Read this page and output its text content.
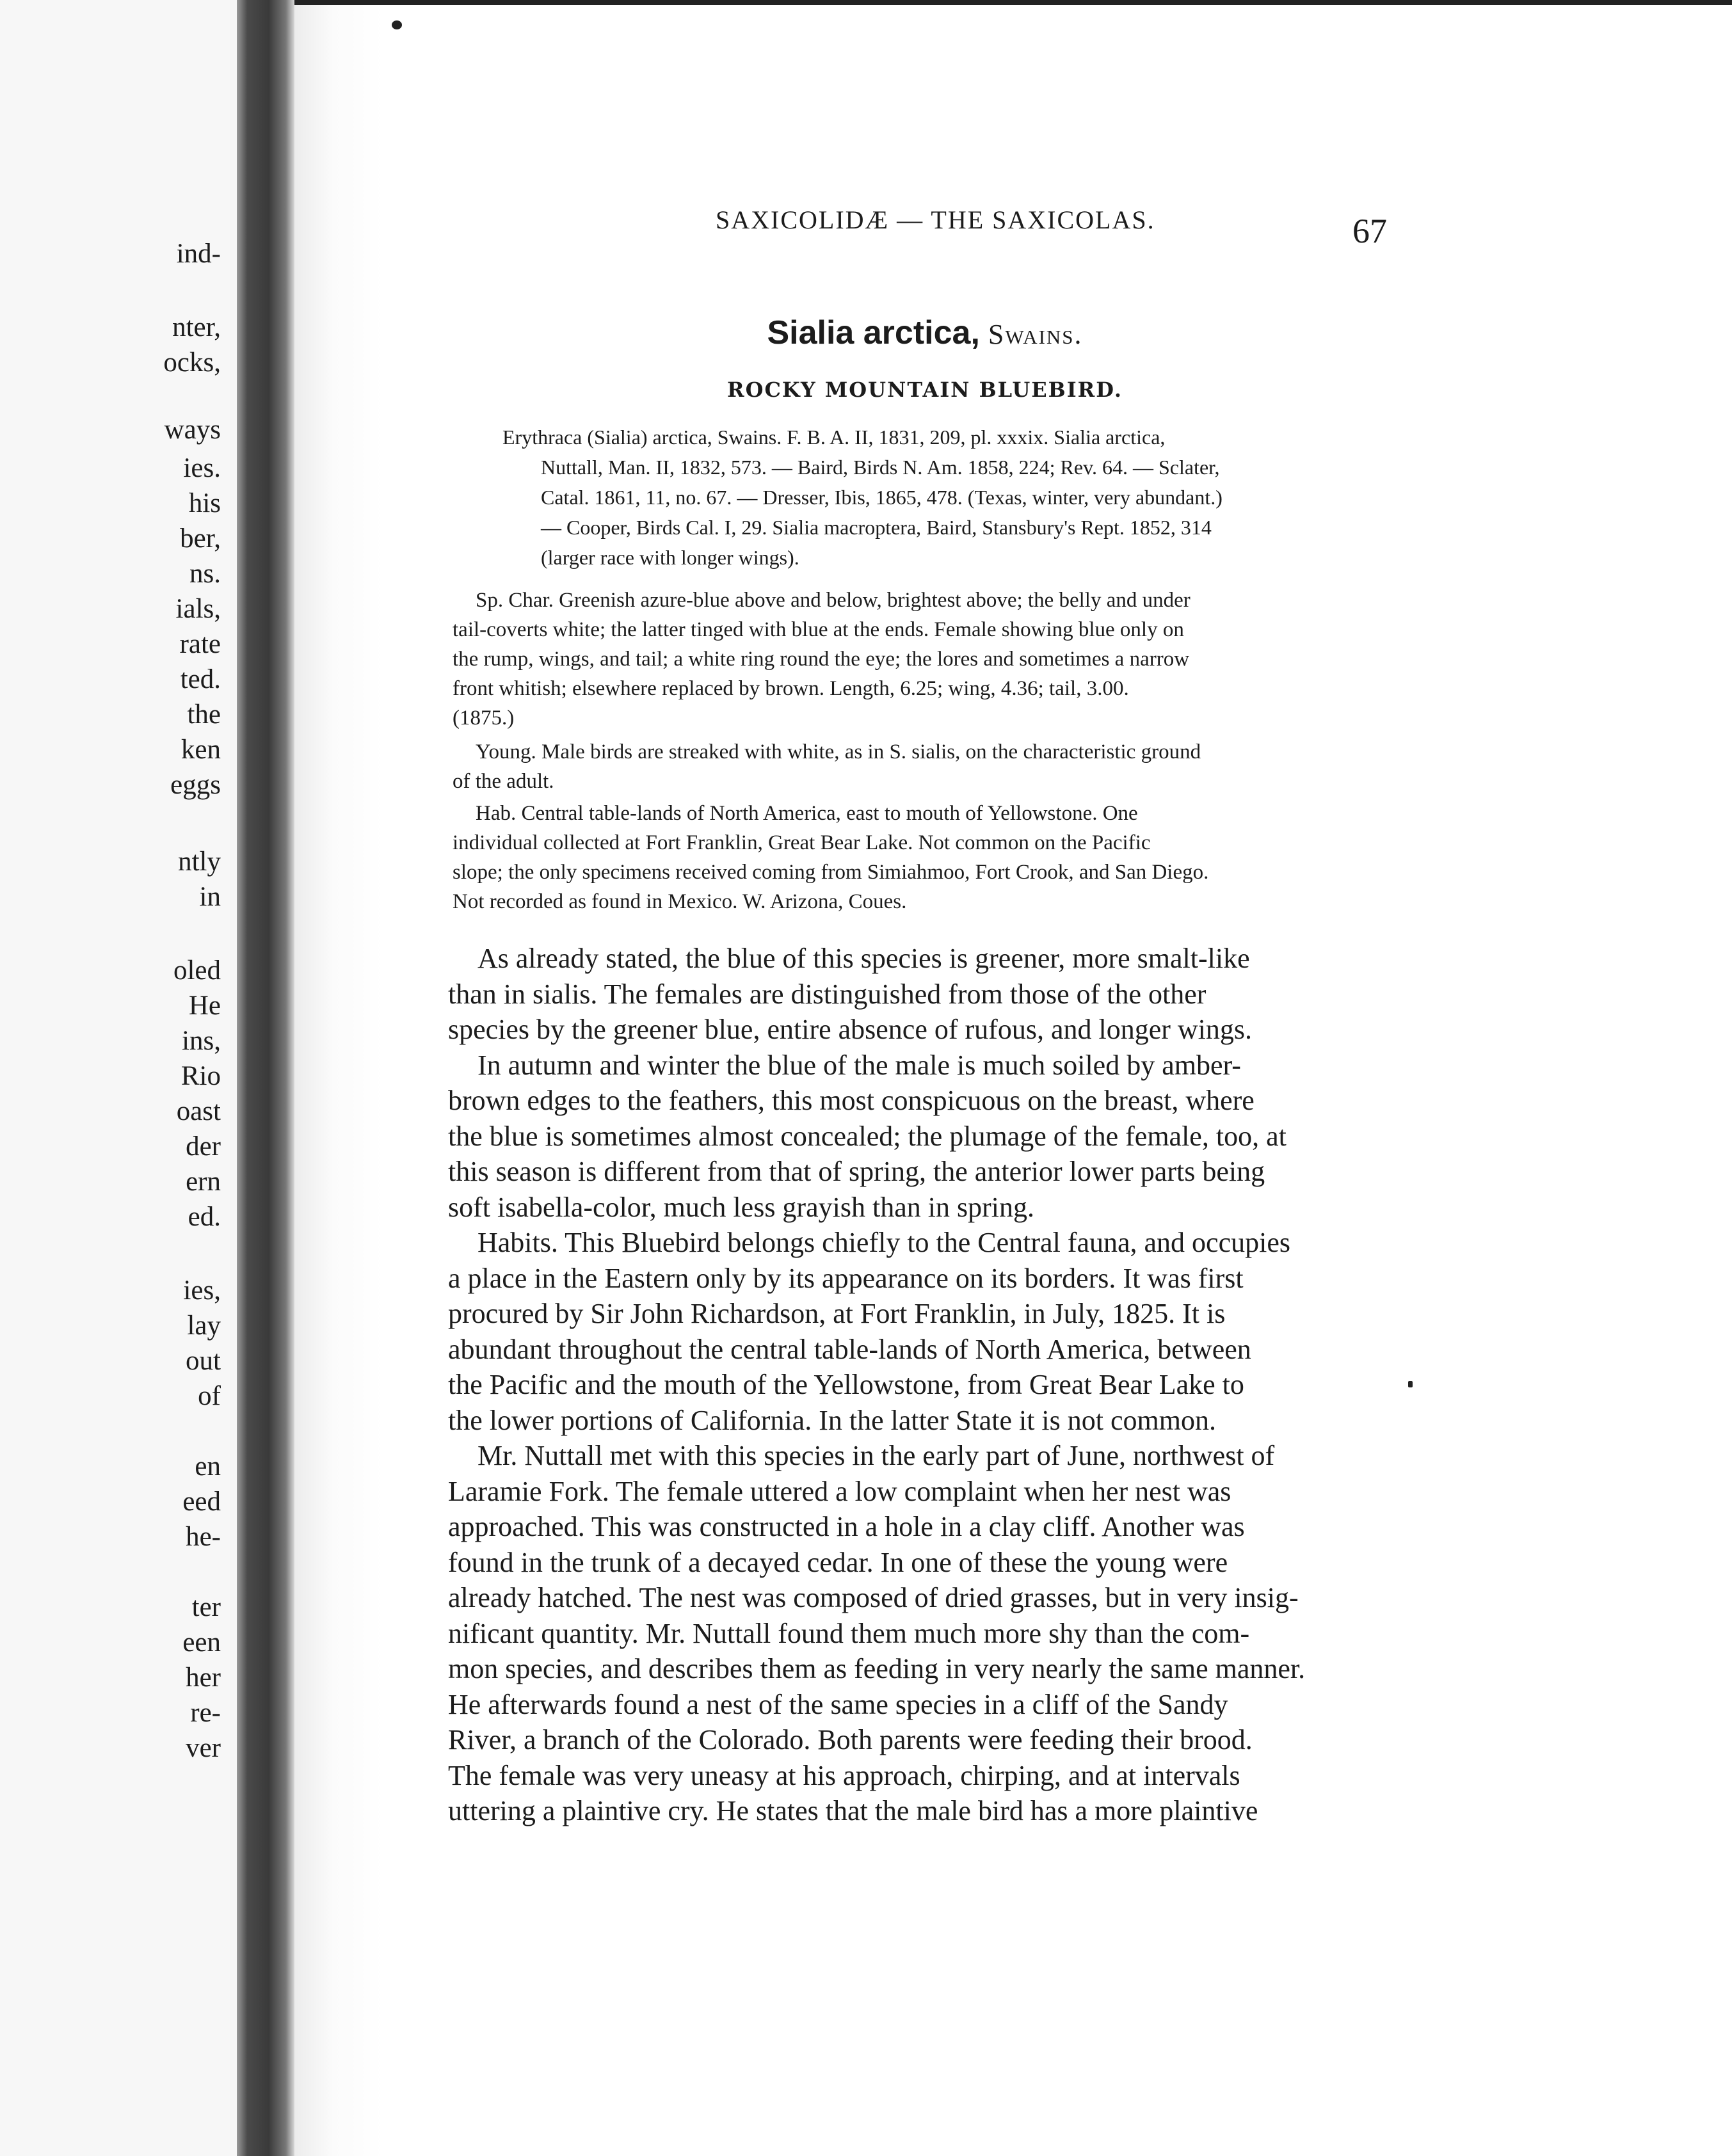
ind-
nter,
ocks,
ways
ies.
his
ber,
ns.
ials,
rate
ted.
the
ken
eggs
ntly
in
oled
He
ins,
Rio
oast
der
ern
ed.
ies,
lay
out
of
en
eed
he-
ter
een
her
re-
ver
SAXICOLIDÆ — THE SAXICOLAS.	67
Sialia arctica, Swains.
ROCKY MOUNTAIN BLUEBIRD.
Erythraca (Sialia) arctica, Swains. F. B. A. II, 1831, 209, pl. xxxix. Sialia arctica,
Nuttall, Man. II, 1832, 573. — Baird, Birds N. Am. 1858, 224; Rev. 64. — Sclater,
Catal. 1861, 11, no. 67. — Dresser, Ibis, 1865, 478. (Texas, winter, very abundant.)
— Cooper, Birds Cal. I, 29. Sialia macroptera, Baird, Stansbury's Rept. 1852, 314
(larger race with longer wings).
Sp. Char. Greenish azure-blue above and below, brightest above; the belly and under
tail-coverts white; the latter tinged with blue at the ends. Female showing blue only on
the rump, wings, and tail; a white ring round the eye; the lores and sometimes a narrow
front whitish; elsewhere replaced by brown. Length, 6.25; wing, 4.36; tail, 3.00.
(1875.)
Young. Male birds are streaked with white, as in S. sialis, on the characteristic ground
of the adult.
Hab. Central table-lands of North America, east to mouth of Yellowstone. One
individual collected at Fort Franklin, Great Bear Lake. Not common on the Pacific
slope; the only specimens received coming from Simiahmoo, Fort Crook, and San Diego.
Not recorded as found in Mexico. W. Arizona, Coues.
As already stated, the blue of this species is greener, more smalt-like
than in sialis. The females are distinguished from those of the other
species by the greener blue, entire absence of rufous, and longer wings.
In autumn and winter the blue of the male is much soiled by amber-
brown edges to the feathers, this most conspicuous on the breast, where
the blue is sometimes almost concealed; the plumage of the female, too, at
this season is different from that of spring, the anterior lower parts being
soft isabella-color, much less grayish than in spring.
Habits. This Bluebird belongs chiefly to the Central fauna, and occupies
a place in the Eastern only by its appearance on its borders. It was first
procured by Sir John Richardson, at Fort Franklin, in July, 1825. It is
abundant throughout the central table-lands of North America, between
the Pacific and the mouth of the Yellowstone, from Great Bear Lake to
the lower portions of California. In the latter State it is not common.
Mr. Nuttall met with this species in the early part of June, northwest of
Laramie Fork. The female uttered a low complaint when her nest was
approached. This was constructed in a hole in a clay cliff. Another was
found in the trunk of a decayed cedar. In one of these the young were
already hatched. The nest was composed of dried grasses, but in very insig-
nificant quantity. Mr. Nuttall found them much more shy than the com-
mon species, and describes them as feeding in very nearly the same manner.
He afterwards found a nest of the same species in a cliff of the Sandy
River, a branch of the Colorado. Both parents were feeding their brood.
The female was very uneasy at his approach, chirping, and at intervals
uttering a plaintive cry. He states that the male bird has a more plaintive
